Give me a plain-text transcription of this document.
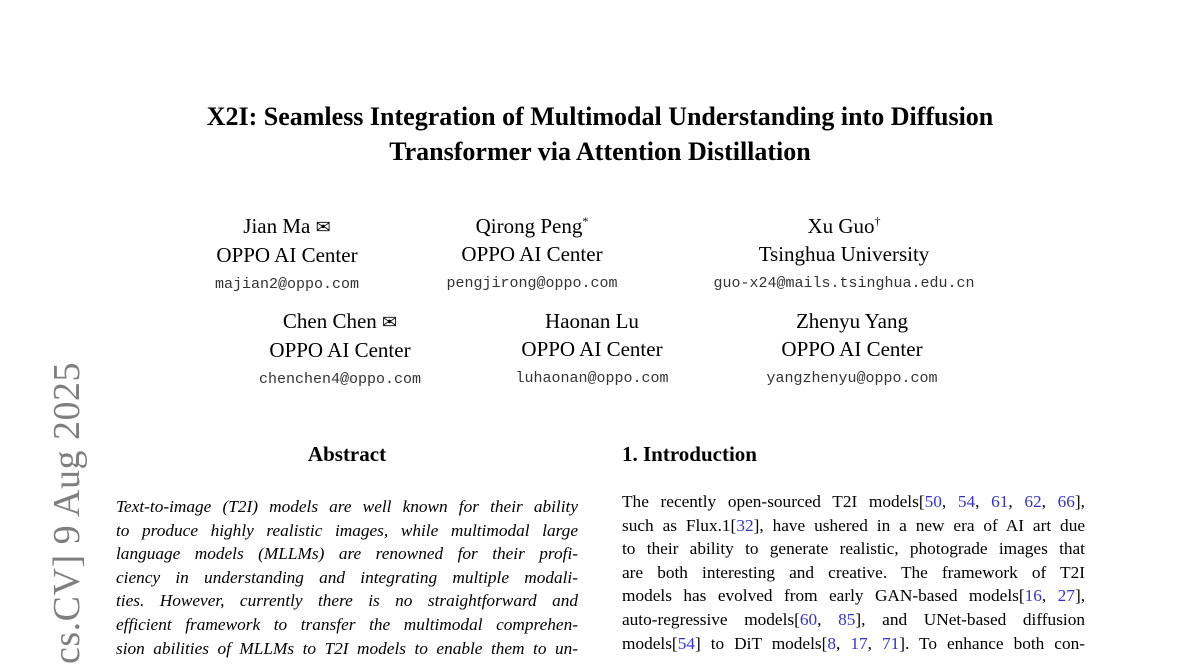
cs.CV] 9 Aug 2025
X2I: Seamless Integration of Multimodal Understanding into Diffusion
Transformer via Attention Distillation
Jian Ma ✉
OPPO AI Center
majian2@oppo.com
Qirong Peng*
OPPO AI Center
pengjirong@oppo.com
Xu Guo†
Tsinghua University
guo-x24@mails.tsinghua.edu.cn
Chen Chen ✉
OPPO AI Center
chenchen4@oppo.com
Haonan Lu
OPPO AI Center
luhaonan@oppo.com
Zhenyu Yang
OPPO AI Center
yangzhenyu@oppo.com
Abstract
Text-to-image (T2I) models are well known for their ability
to produce highly realistic images, while multimodal large
language models (MLLMs) are renowned for their profi-
ciency in understanding and integrating multiple modali-
ties. However, currently there is no straightforward and
efficient framework to transfer the multimodal comprehen-
sion abilities of MLLMs to T2I models to enable them to un-
1. Introduction
The recently open-sourced T2I models[50, 54, 61, 62, 66],
such as Flux.1[32], have ushered in a new era of AI art due
to their ability to generate realistic, photograde images that
are both interesting and creative. The framework of T2I
models has evolved from early GAN-based models[16, 27],
auto-regressive models[60, 85], and UNet-based diffusion
models[54] to DiT models[8, 17, 71]. To enhance both con-
